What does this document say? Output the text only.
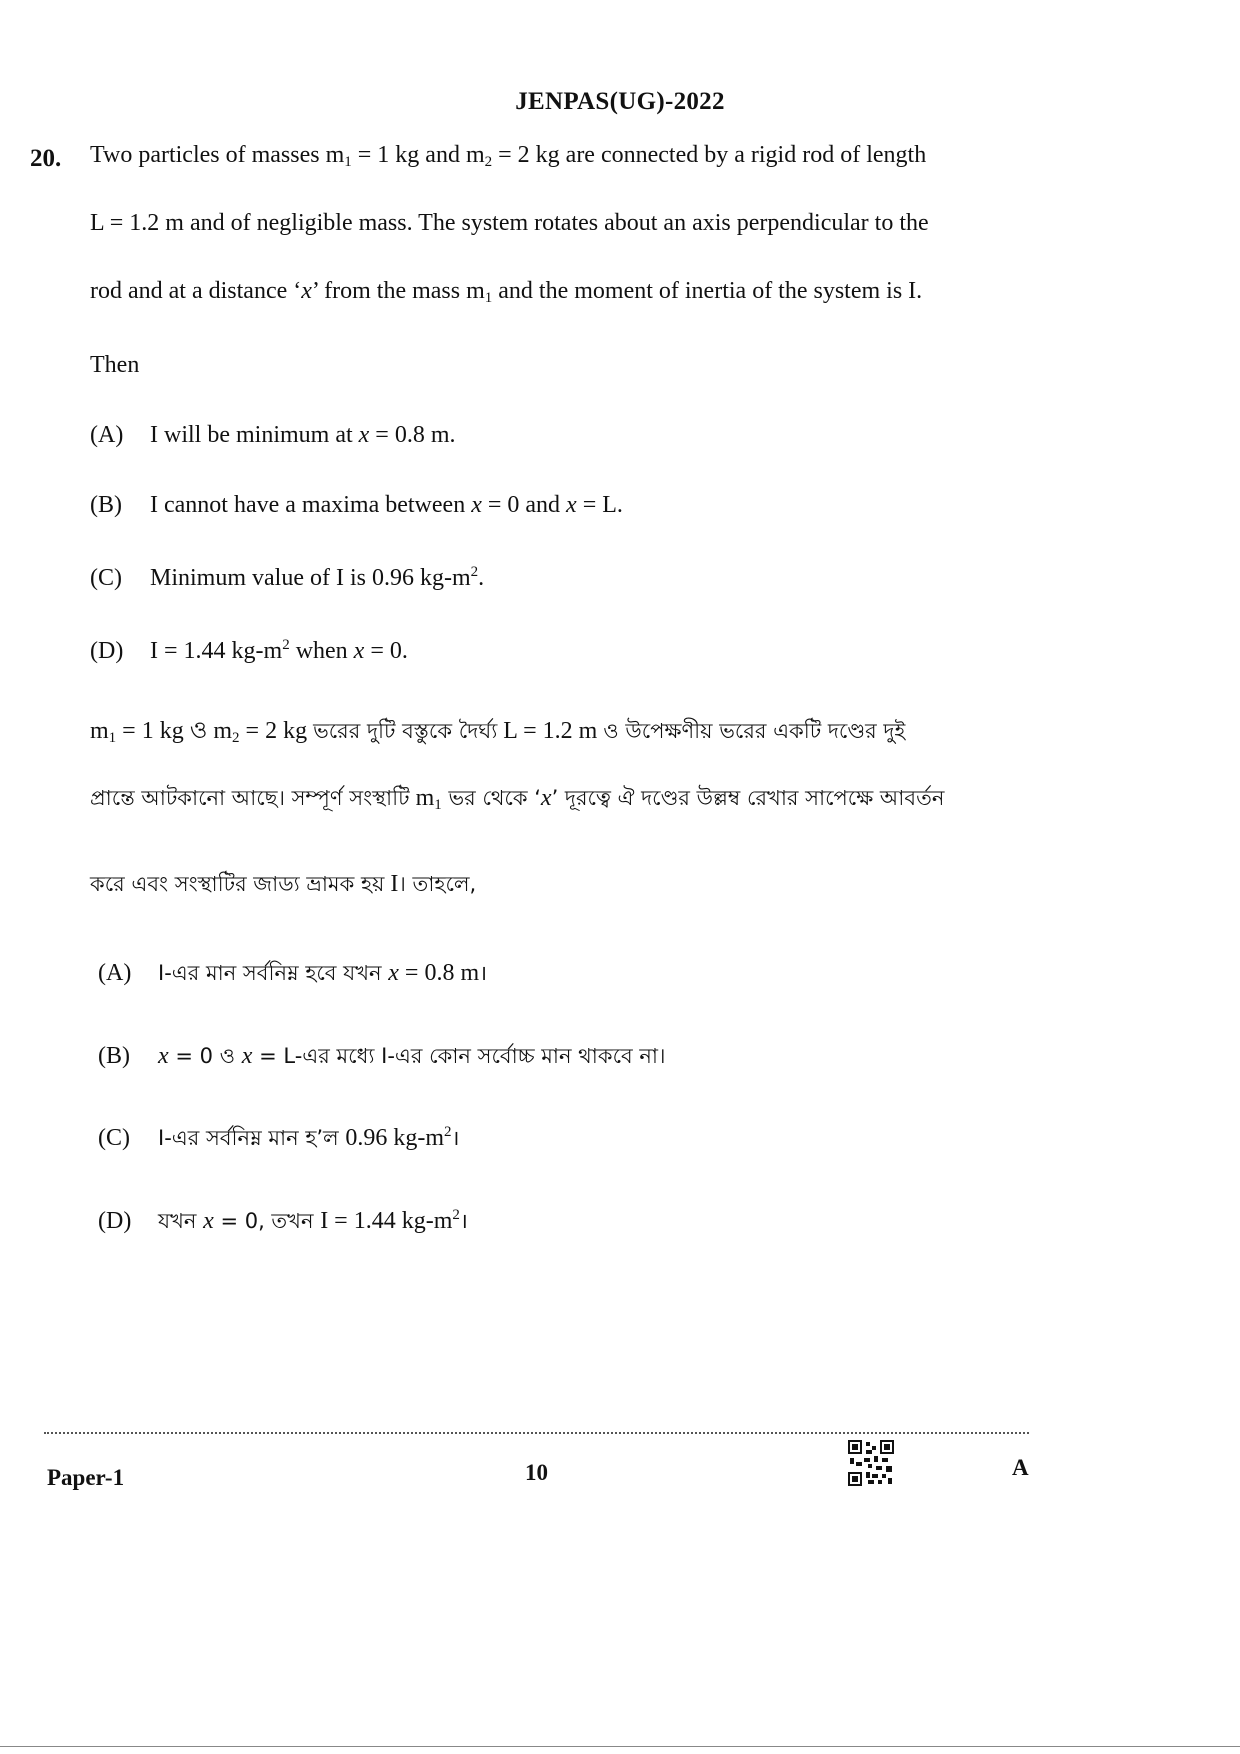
JENPAS(UG)-2022
20. Two particles of masses $m_1 = 1$ kg and $m_2 = 2$ kg are connected by a rigid rod of length
L = 1.2 m and of negligible mass. The system rotates about an axis perpendicular to the
rod and at a distance ‘x’ from the mass $m_1$ and the moment of inertia of the system is I.
Then
(A) I will be minimum at x = 0.8 m.
(B) I cannot have a maxima between x = 0 and x = L.
(C) Minimum value of I is 0.96 $kg-m^2$.
(D) I = 1.44 $kg-m^2$ when x = 0.
$m_1 = 1$ kg ও $m_2 = 2$ kg ভরের দুটি বস্তুকে দৈর্ঘ্য L = 1.2 m ও উপেক্ষণীয় ভরের একটি দণ্ডের দুই
প্রান্তে আটকানো আছে। সম্পূর্ণ সংস্থাটি $m_1$ ভর থেকে ‘x’ দূরত্বে ঐ দণ্ডের উল্লম্ব রেখার সাপেক্ষে আবর্তন
করে এবং সংস্থাটির জাড্য ভ্রামক হয় I। তাহলে,
(A) I-এর মান সর্বনিম্ন হবে যখন x = 0.8 m।
(B) x = 0 ও x = L-এর মধ্যে I-এর কোন সর্বোচ্চ মান থাকবে না।
(C) I-এর সর্বনিম্ন মান হ’ল 0.96 $kg-m^2।$
(D) যখন x = 0, তখন I = 1.44 $kg-m^2।$
Paper-1	10	A
